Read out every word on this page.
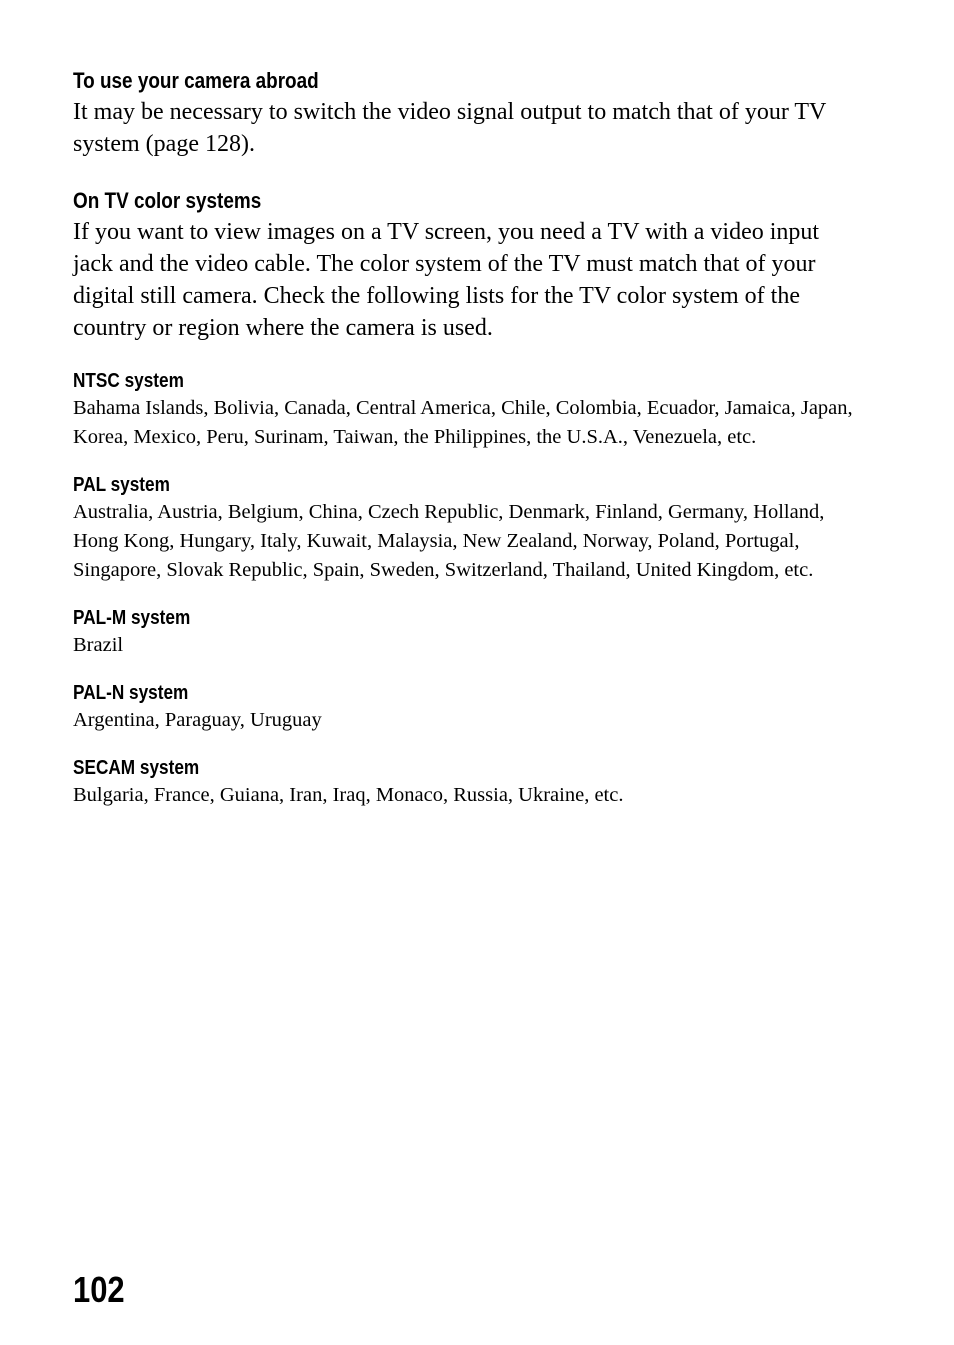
To use your camera abroad

It may be necessary to switch the video signal output to match that of your TV system (page 128).

On TV color systems

If you want to view images on a TV screen, you need a TV with a video input jack and the video cable. The color system of the TV must match that of your digital still camera. Check the following lists for the TV color system of the country or region where the camera is used.

NTSC system

Bahama Islands, Bolivia, Canada, Central America, Chile, Colombia, Ecuador, Jamaica, Japan, Korea, Mexico, Peru, Surinam, Taiwan, the Philippines, the U.S.A., Venezuela, etc.

PAL system

Australia, Austria, Belgium, China, Czech Republic, Denmark, Finland, Germany, Holland, Hong Kong, Hungary, Italy, Kuwait, Malaysia, New Zealand, Norway, Poland, Portugal, Singapore, Slovak Republic, Spain, Sweden, Switzerland, Thailand, United Kingdom, etc.

PAL-M system

Brazil

PAL-N system

Argentina, Paraguay, Uruguay

SECAM system

Bulgaria, France, Guiana, Iran, Iraq, Monaco, Russia, Ukraine, etc.

102
